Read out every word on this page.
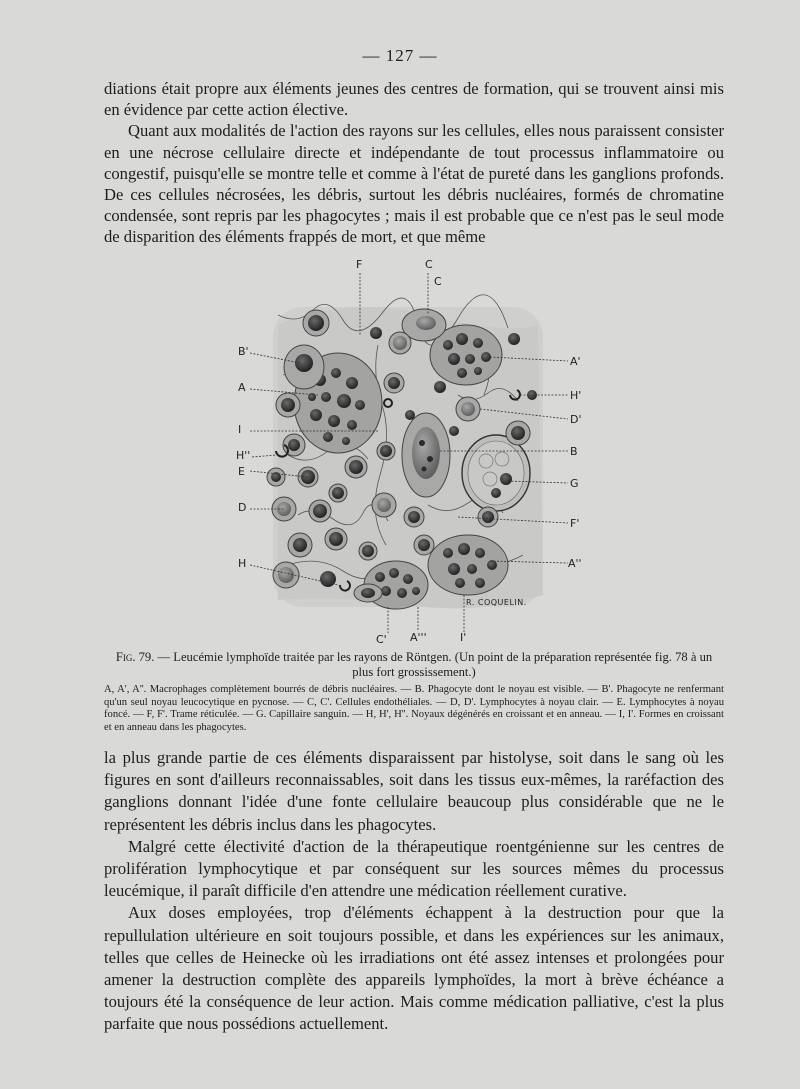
— 127 —

diations était propre aux éléments jeunes des centres de formation, qui se trouvent ainsi mis en évidence par cette action élective.

Quant aux modalités de l'action des rayons sur les cellules, elles nous paraissent consister en une nécrose cellulaire directe et indépendante de tout processus inflammatoire ou congestif, puisqu'elle se montre telle et comme à l'état de pureté dans les ganglions profonds. De ces cellules nécrosées, les débris, surtout les débris nucléaires, formés de chromatine condensée, sont repris par les phagocytes ; mais il est probable que ce n'est pas le seul mode de disparition des éléments frappés de mort, et que même

F	C
C
B'
A
I
H''
E
D
H
A'
H'
D'
B
G
F'
A''
C' A'''	I'
R. COQUELIN.
Fig. 79. — Leucémie lymphoïde traitée par les rayons de Röntgen. (Un point de la préparation représentée fig. 78 à un plus fort grossissement.)
A, A', A''. Macrophages complètement bourrés de débris nucléaires. — B. Phagocyte dont le noyau est visible. — B'. Phagocyte ne renfermant qu'un seul noyau leucocytique en pycnose. — C, C'. Cellules endothéliales. — D, D'. Lymphocytes à noyau clair. — E. Lymphocytes à noyau foncé. — F, F'. Trame réticulée. — G. Capillaire sanguin. — H, H', H''. Noyaux dégénérés en croissant et en anneau. — I, I'. Formes en croissant et en anneau dans les phagocytes.

la plus grande partie de ces éléments disparaissent par histolyse, soit dans le sang où les figures en sont d'ailleurs reconnaissables, soit dans les tissus eux-mêmes, la raréfaction des ganglions donnant l'idée d'une fonte cellulaire beaucoup plus considérable que ne le représentent les débris inclus dans les phagocytes.

Malgré cette électivité d'action de la thérapeutique roentgénienne sur les centres de prolifération lymphocytique et par conséquent sur les sources mêmes du processus leucémique, il paraît difficile d'en attendre une médication réellement curative.

Aux doses employées, trop d'éléments échappent à la destruction pour que la repullulation ultérieure en soit toujours possible, et dans les expériences sur les animaux, telles que celles de Heinecke où les irradiations ont été assez intenses et prolongées pour amener la destruction complète des appareils lymphoïdes, la mort à brève échéance a toujours été la conséquence de leur action. Mais comme médication palliative, c'est la plus parfaite que nous possédions actuellement.
